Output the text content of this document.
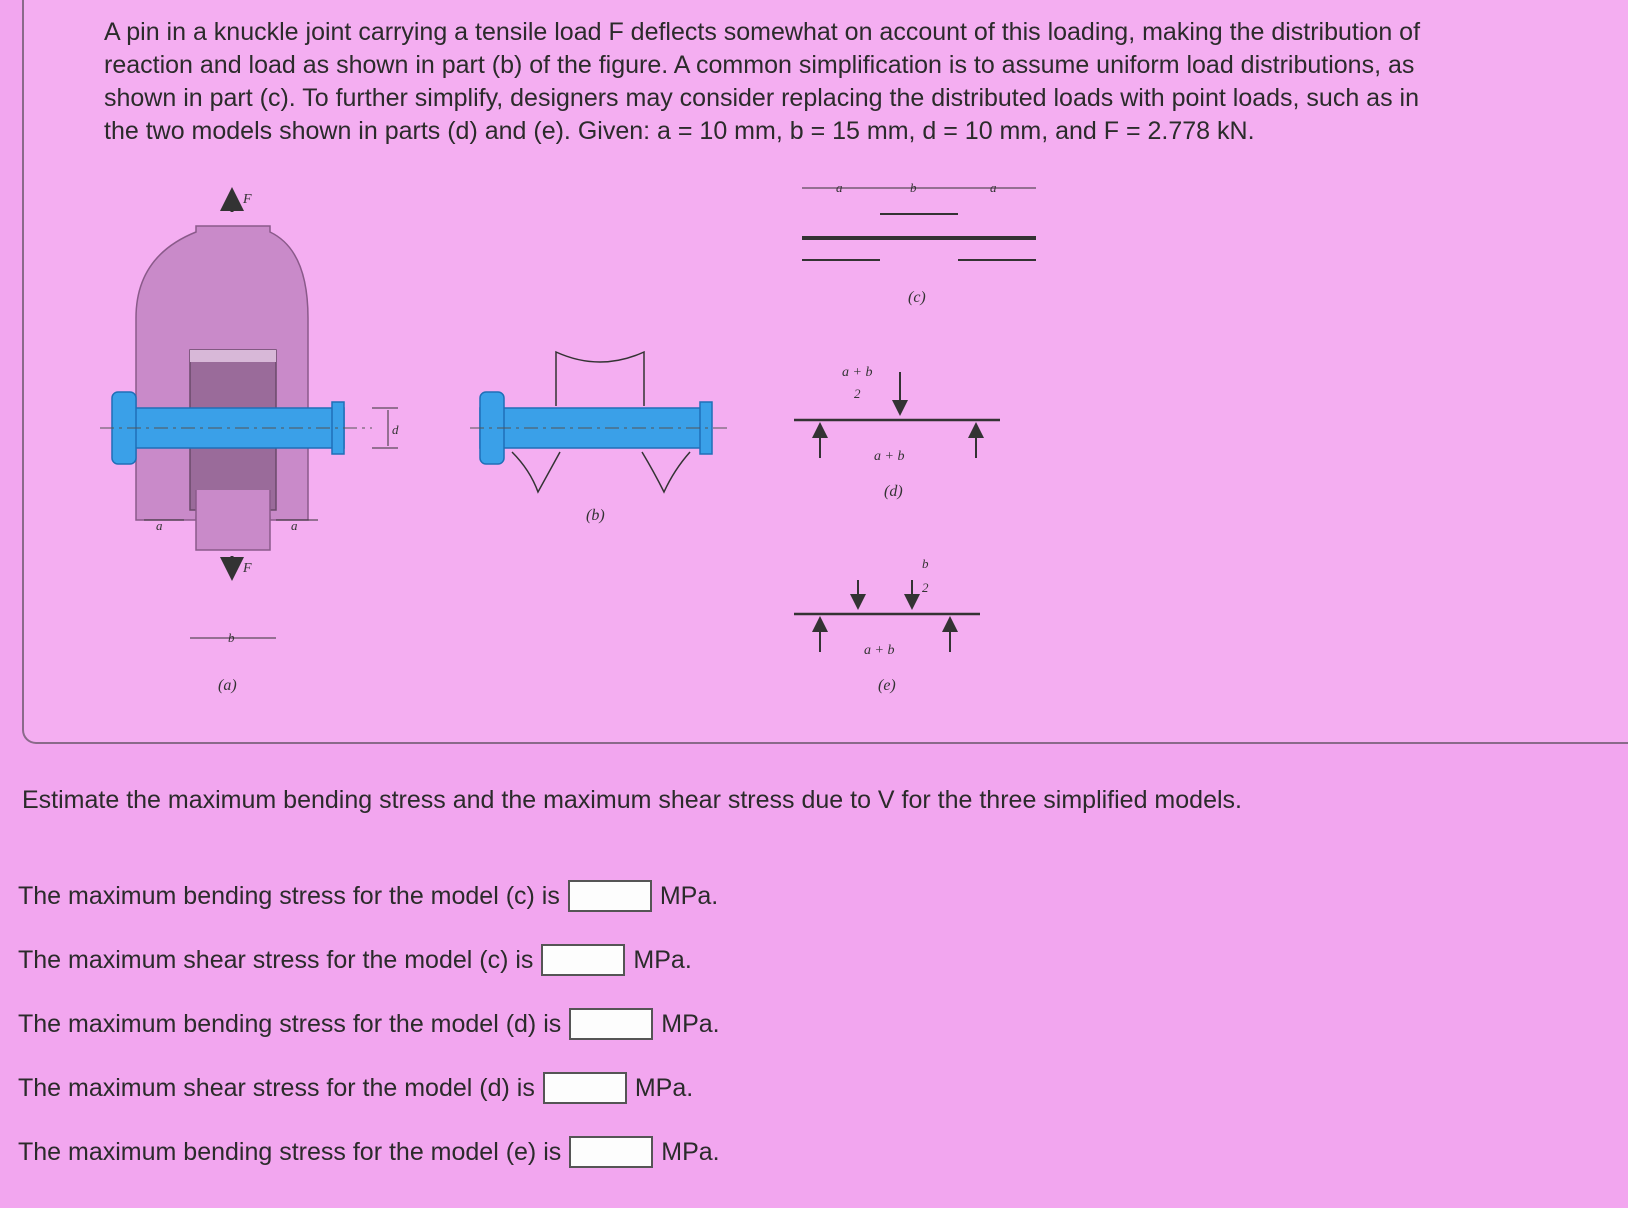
A pin in a knuckle joint carrying a tensile load F deflects somewhat on account of this loading, making the distribution of
reaction and load as shown in part (b) of the figure. A common simplification is to assume uniform load distributions, as
shown in part (c). To further simplify, designers may consider replacing the distributed loads with point loads, such as in
the two models shown in parts (d) and (e). Given: a = 10 mm, b = 15 mm, d = 10 mm, and F = 2.778 kN.
F
F
d
a	a
b
(a)
(b)
a	b	a
(c)
a + b
2
a + b
(d)
b
2
a + b
(e)

Estimate the maximum bending stress and the maximum shear stress due to V for the three simplified models.

The maximum bending stress for the model (c) is	MPa.
The maximum shear stress for the model (c) is	MPa.
The maximum bending stress for the model (d) is	MPa.
The maximum shear stress for the model (d) is	MPa.
The maximum bending stress for the model (e) is	MPa.
